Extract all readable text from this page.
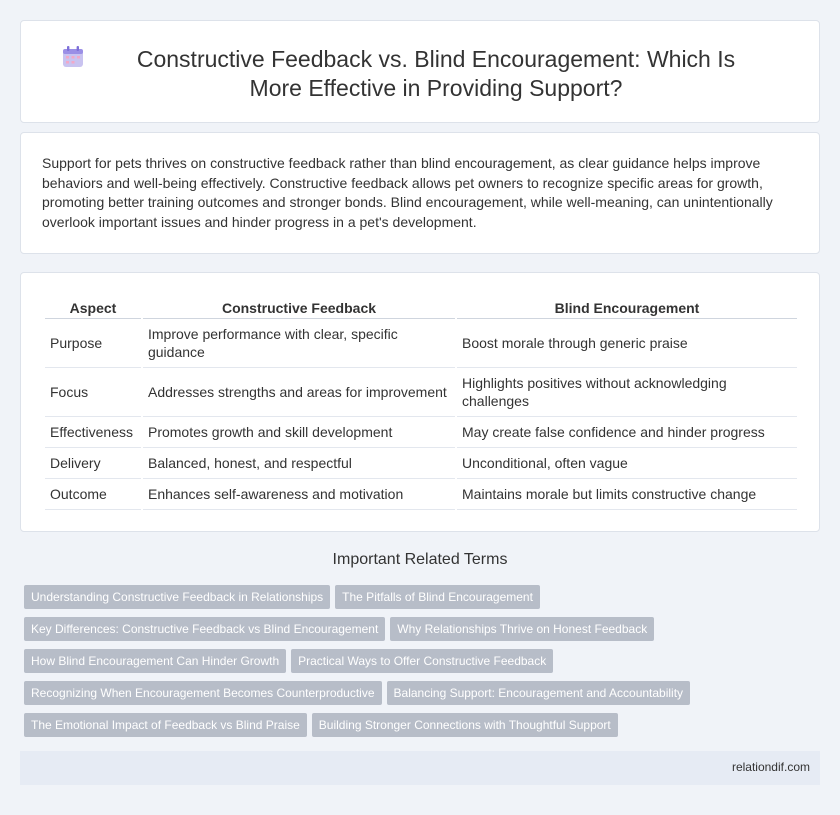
Constructive Feedback vs. Blind Encouragement: Which Is More Effective in Providing Support?

Support for pets thrives on constructive feedback rather than blind encouragement, as clear guidance helps improve behaviors and well-being effectively. Constructive feedback allows pet owners to recognize specific areas for growth, promoting better training outcomes and stronger bonds. Blind encouragement, while well-meaning, can unintentionally overlook important issues and hinder progress in a pet's development.

Aspect	Constructive Feedback	Blind Encouragement
Purpose	Improve performance with clear, specific guidance	Boost morale through generic praise
Focus	Addresses strengths and areas for improvement	Highlights positives without acknowledging challenges
Effectiveness	Promotes growth and skill development	May create false confidence and hinder progress
Delivery	Balanced, honest, and respectful	Unconditional, often vague
Outcome	Enhances self-awareness and motivation	Maintains morale but limits constructive change
Important Related Terms
Understanding Constructive Feedback in Relationships The Pitfalls of Blind Encouragement
Key Differences: Constructive Feedback vs Blind Encouragement Why Relationships Thrive on Honest Feedback
How Blind Encouragement Can Hinder Growth Practical Ways to Offer Constructive Feedback
Recognizing When Encouragement Becomes Counterproductive Balancing Support: Encouragement and Accountability
The Emotional Impact of Feedback vs Blind Praise Building Stronger Connections with Thoughtful Support
relationdif.com
